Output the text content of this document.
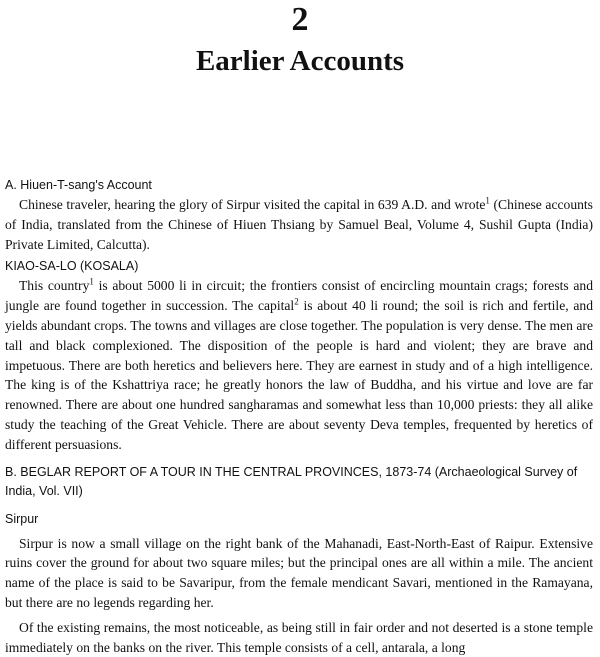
2
Earlier Accounts

A. Hiuen-T-sang's Account

Chinese traveler, hearing the glory of Sirpur visited the capital in 639 A.D. and wrote$^1$ (Chinese accounts of India, translated from the Chinese of Hiuen Thsiang by Samuel Beal, Volume 4, Sushil Gupta (India) Private Limited, Calcutta).

KIAO-SA-LO (KOSALA)

This country$^1$ is about 5000 li in circuit; the frontiers consist of encircling mountain crags; forests and jungle are found together in succession. The capital$^2$ is about 40 li round; the soil is rich and fertile, and yields abundant crops. The towns and villages are close together. The population is very dense. The men are tall and black complexioned. The disposition of the people is hard and violent; they are brave and impetuous. There are both heretics and believers here. They are earnest in study and of a high intelligence. The king is of the Kshattriya race; he greatly honors the law of Buddha, and his virtue and love are far renowned. There are about one hundred sangharamas and somewhat less than 10,000 priests: they all alike study the teaching of the Great Vehicle. There are about seventy Deva temples, frequented by heretics of different persuasions.

B. BEGLAR REPORT OF A TOUR IN THE CENTRAL PROVINCES, 1873-74 (Archaeological Survey of India, Vol. VII)

Sirpur

Sirpur is now a small village on the right bank of the Mahanadi, East-North-East of Raipur. Extensive ruins cover the ground for about two square miles; but the principal ones are all within a mile. The ancient name of the place is said to be Savaripur, from the female mendicant Savari, mentioned in the Ramayana, but there are no legends regarding her.

Of the existing remains, the most noticeable, as being still in fair order and not deserted is a stone temple immediately on the banks on the river. This temple consists of a cell, antarala, a long
